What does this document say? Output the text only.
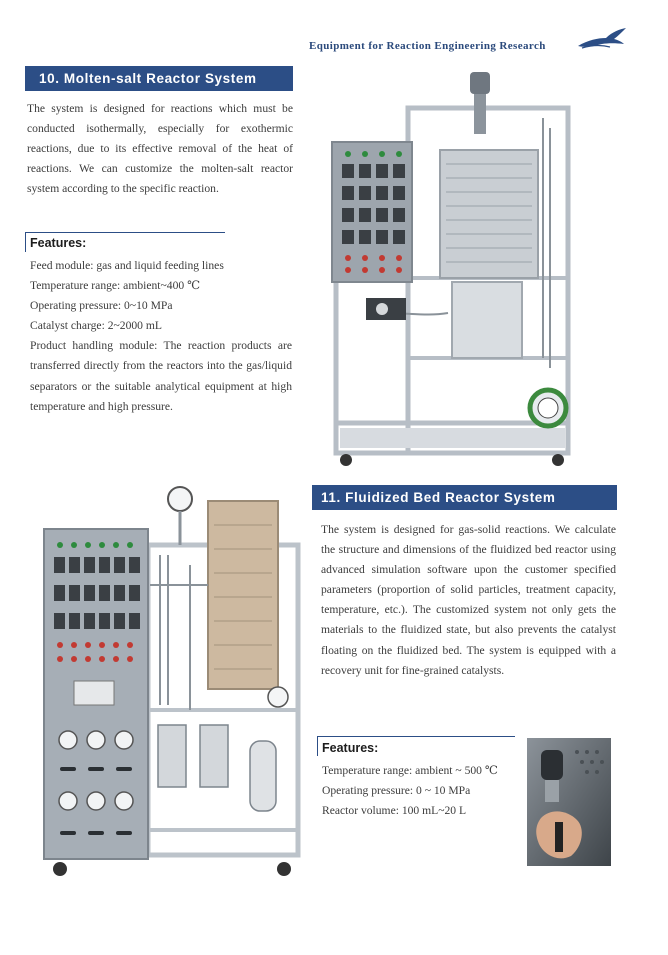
Equipment for Reaction Engineering Research
10. Molten-salt Reactor System
The system is designed for reactions which must be conducted isothermally, especially for exothermic reactions, due to its effective removal of the heat of reactions. We can customize the molten-salt reactor system according to the specific reaction.
Features:
Feed module: gas and liquid feeding lines
Temperature range: ambient~400 ℃
Operating pressure: 0~10 MPa
Catalyst charge: 2~2000 mL
Product handling module: The reaction products are transferred directly from the reactors into the gas/liquid separators or the suitable analytical equipment at high temperature and high pressure.
11. Fluidized Bed Reactor System
The system is designed for gas-solid reactions. We calculate the structure and dimensions of the fluidized bed reactor using advanced simulation software upon the customer specified parameters (proportion of solid particles, treatment capacity, temperature, etc.). The customized system not only gets the materials to the fluidized state, but also prevents the catalyst floating on the fluidized bed. The system is equipped with a recovery unit for fine-grained catalysts.
Features:
Temperature range: ambient ~ 500 ℃
Operating pressure: 0 ~ 10 MPa
Reactor volume: 100 mL~20 L
